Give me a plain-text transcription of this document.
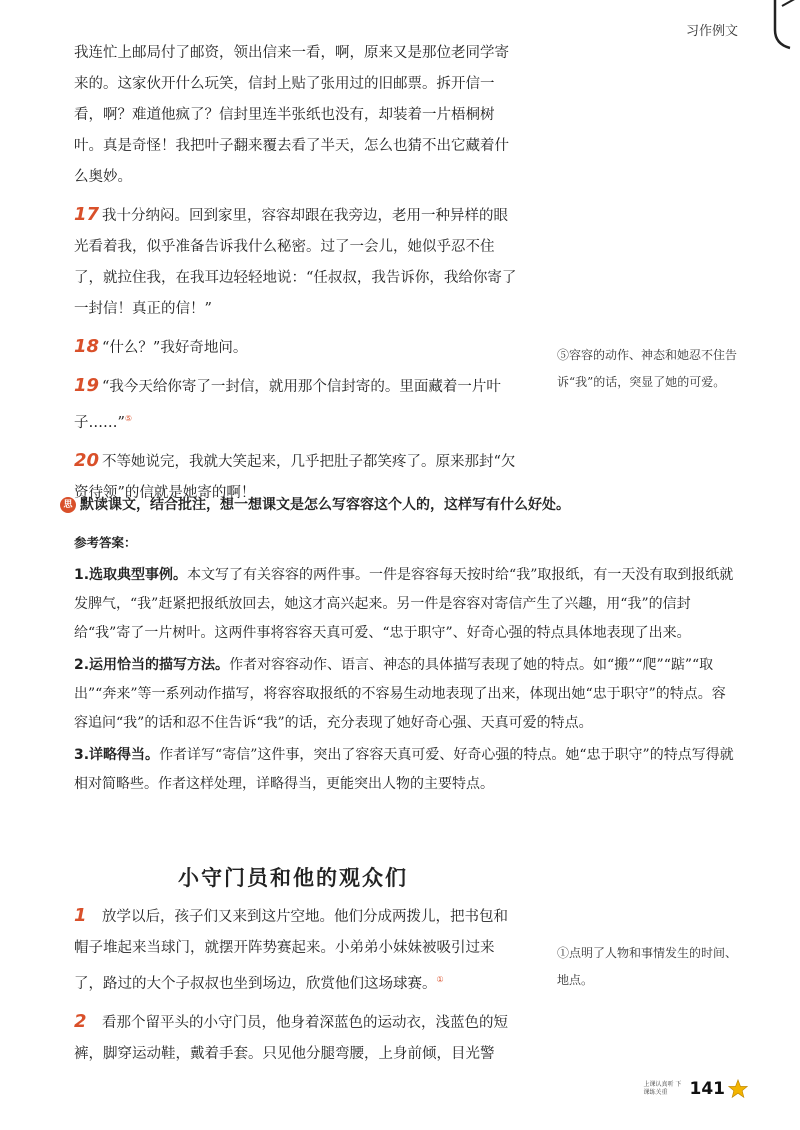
习作例文

我连忙上邮局付了邮资，领出信来一看，啊，原来又是那位老同学寄来的。这家伙开什么玩笑，信封上贴了张用过的旧邮票。拆开信一看，啊？难道他疯了？信封里连半张纸也没有，却装着一片梧桐树叶。真是奇怪！我把叶子翻来覆去看了半天，怎么也猜不出它藏着什么奥妙。

17 我十分纳闷。回到家里，容容却跟在我旁边，老用一种异样的眼光看着我，似乎准备告诉我什么秘密。过了一会儿，她似乎忍不住了，就拉住我，在我耳边轻轻地说：“任叔叔，我告诉你，我给你寄了一封信！真正的信！”

18 “什么？”我好奇地问。

19 “我今天给你寄了一封信，就用那个信封寄的。里面藏着一片叶子……”⑤

20 不等她说完，我就大笑起来，几乎把肚子都笑疼了。原来那封“欠资待领”的信就是她寄的啊！

⑤容容的动作、神态和她忍不住告诉“我”的话，突显了她的可爱。
思 默读课文，结合批注，想一想课文是怎么写容容这个人的，这样写有什么好处。

参考答案：

1.选取典型事例。本文写了有关容容的两件事。一件是容容每天按时给“我”取报纸，有一天没有取到报纸就发脾气，“我”赶紧把报纸放回去，她这才高兴起来。另一件是容容对寄信产生了兴趣，用“我”的信封给“我”寄了一片树叶。这两件事将容容天真可爱、“忠于职守”、好奇心强的特点具体地表现了出来。

2.运用恰当的描写方法。作者对容容动作、语言、神态的具体描写表现了她的特点。如“搬”“爬”“踮”“取出”“奔来”等一系列动作描写，将容容取报纸的不容易生动地表现了出来，体现出她“忠于职守”的特点。容容追问“我”的话和忍不住告诉“我”的话，充分表现了她好奇心强、天真可爱的特点。

3.详略得当。作者详写“寄信”这件事，突出了容容天真可爱、好奇心强的特点。她“忠于职守”的特点写得就相对简略些。作者这样处理，详略得当，更能突出人物的主要特点。

小守门员和他的观众们

1 放学以后，孩子们又来到这片空地。他们分成两拨儿，把书包和帽子堆起来当球门，就摆开阵势赛起来。小弟弟小妹妹被吸引过来了，路过的大个子叔叔也坐到场边，欣赏他们这场球赛。①

2 看那个留平头的小守门员，他身着深蓝色的运动衣，浅蓝色的短裤，脚穿运动鞋，戴着手套。只见他分腿弯腰，上身前倾，目光警

①点明了人物和事情发生的时间、地点。
上课认真听 下课练关重	141
